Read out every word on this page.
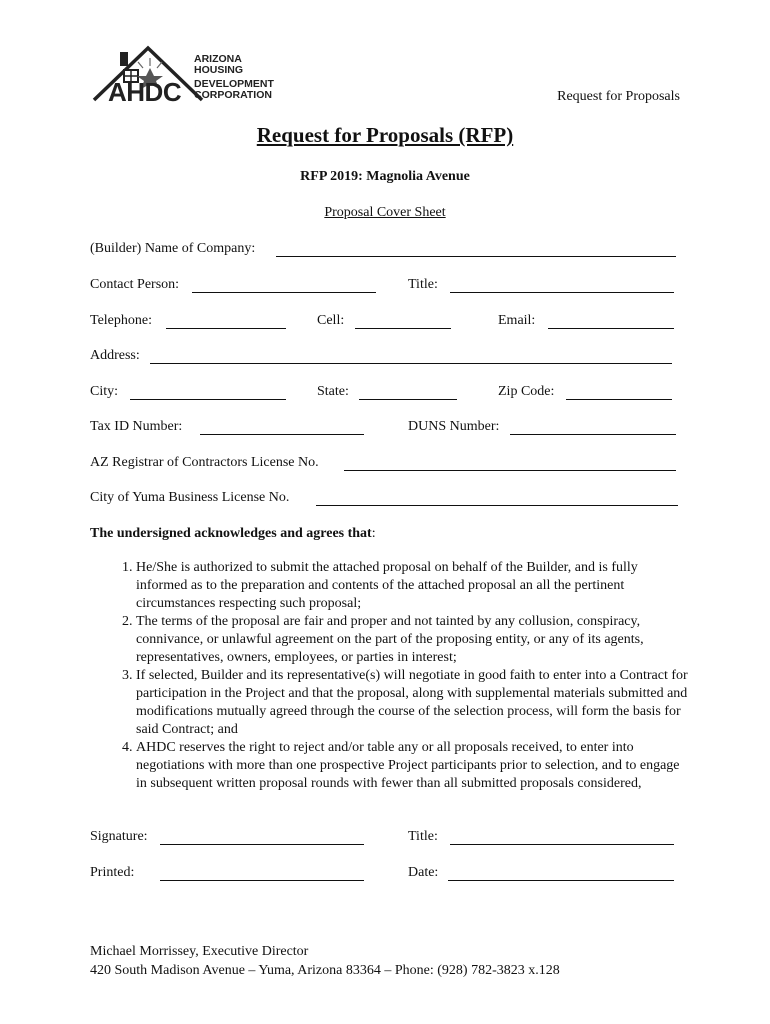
AHDC
ARIZONA
HOUSING
DEVELOPMENT
CORPORATION	Request for Proposals
Request for Proposals (RFP)
RFP 2019: Magnolia Avenue
Proposal Cover Sheet
(Builder) Name of Company:
Contact Person:	Title:
Telephone:	Cell:	Email:
Address:
City:	State:	Zip Code:
Tax ID Number:	DUNS Number:
AZ Registrar of Contractors License No.
City of Yuma Business License No.
The undersigned acknowledges and agrees that:
1. He/She is authorized to submit the attached proposal on behalf of the Builder, and is fully informed as to the preparation and contents of the attached proposal an all the pertinent circumstances respecting such proposal;
2. The terms of the proposal are fair and proper and not tainted by any collusion, conspiracy, connivance, or unlawful agreement on the part of the proposing entity, or any of its agents, representatives, owners, employees, or parties in interest;
3. If selected, Builder and its representative(s) will negotiate in good faith to enter into a Contract for participation in the Project and that the proposal, along with supplemental materials submitted and modifications mutually agreed through the course of the selection process, will form the basis for said Contract; and
4. AHDC reserves the right to reject and/or table any or all proposals received, to enter into negotiations with more than one prospective Project participants prior to selection, and to engage in subsequent written proposal rounds with fewer than all submitted proposals considered,
Signature:	Title:
Printed:	Date:
Michael Morrissey, Executive Director
420 South Madison Avenue – Yuma, Arizona 83364 – Phone: (928) 782-3823 x.128
